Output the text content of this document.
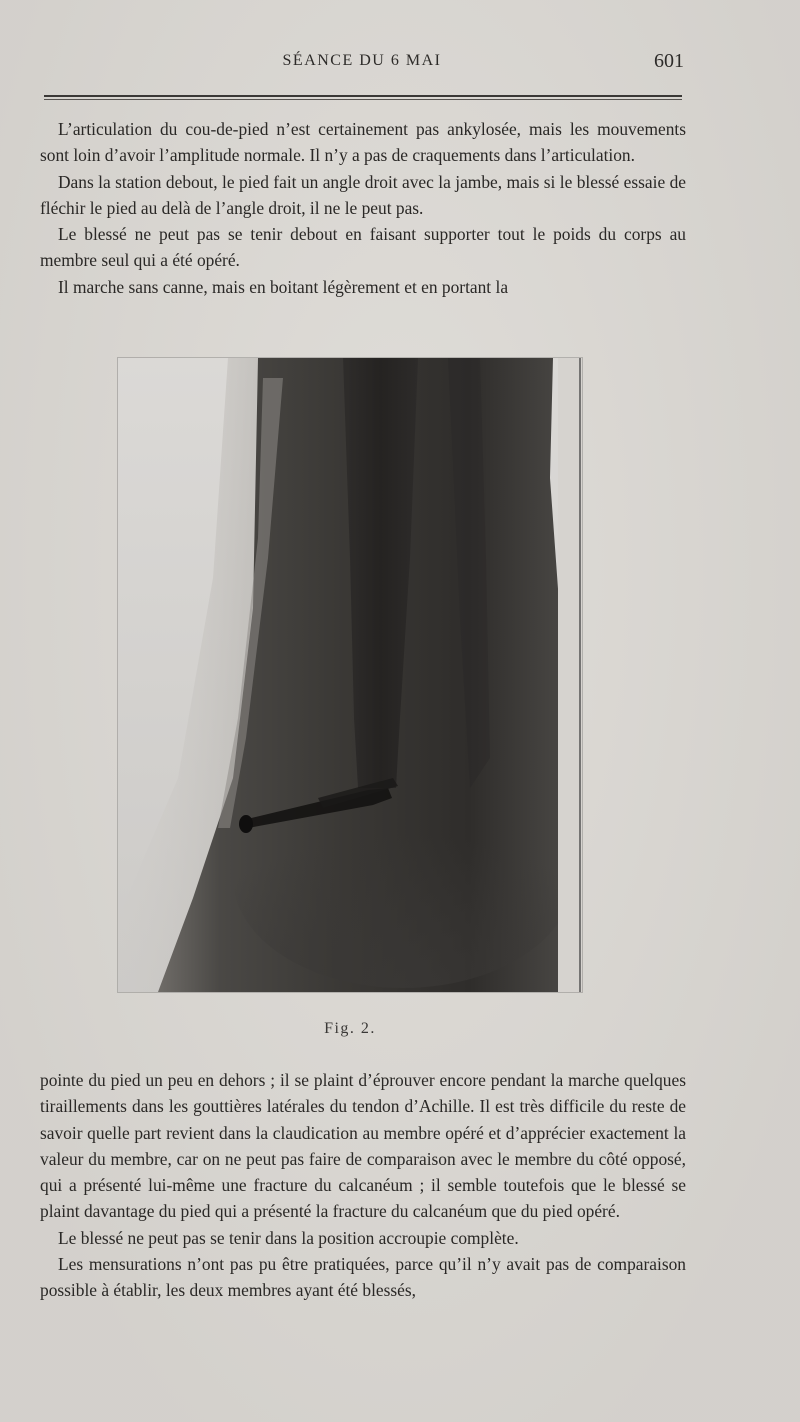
SÉANCE DU 6 MAI	601

L’articulation du cou-de-pied n’est certainement pas ankylosée, mais les mouvements sont loin d’avoir l’amplitude normale. Il n’y a pas de craquements dans l’articulation.

Dans la station debout, le pied fait un angle droit avec la jambe, mais si le blessé essaie de fléchir le pied au delà de l’angle droit, il ne le peut pas.

Le blessé ne peut pas se tenir debout en faisant supporter tout le poids du corps au membre seul qui a été opéré.

Il marche sans canne, mais en boitant légèrement et en portant la

Fig. 2.

pointe du pied un peu en dehors ; il se plaint d’éprouver encore pendant la marche quelques tiraillements dans les gouttières latérales du tendon d’Achille. Il est très difficile du reste de savoir quelle part revient dans la claudication au membre opéré et d’apprécier exactement la valeur du membre, car on ne peut pas faire de comparaison avec le membre du côté opposé, qui a présenté lui-même une fracture du calcanéum ; il semble toutefois que le blessé se plaint davantage du pied qui a présenté la fracture du calcanéum que du pied opéré.

Le blessé ne peut pas se tenir dans la position accroupie complète.

Les mensurations n’ont pas pu être pratiquées, parce qu’il n’y avait pas de comparaison possible à établir, les deux membres ayant été blessés,
